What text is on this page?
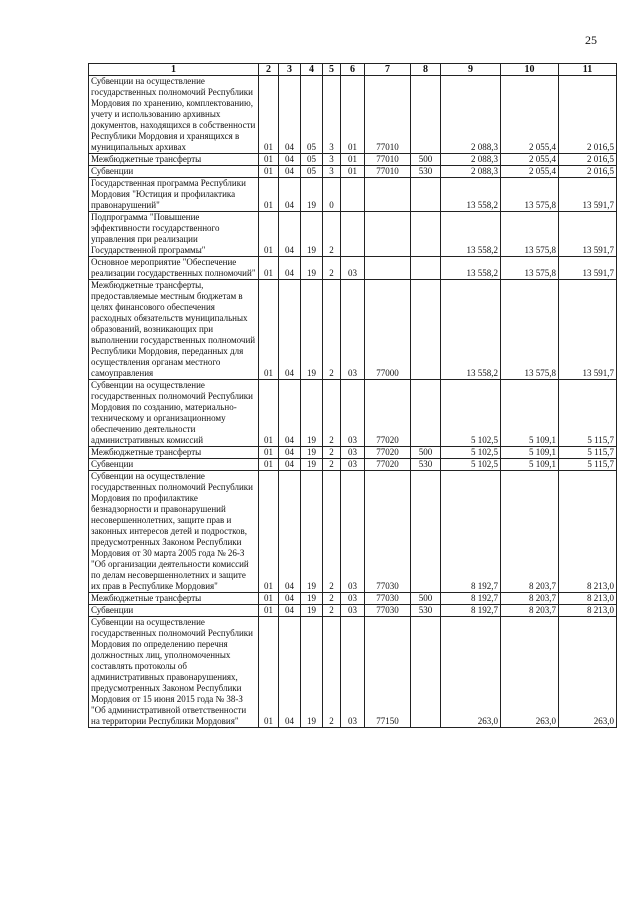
25
1	2	3	4	5	6	7	8	9	10	11
Субвенции на осуществление государственных полномочий Республики Мордовия по хранению, комплектованию, учету и использованию архивных документов, находящихся в собственности Республики Мордовия и хранящихся в муниципальных архивах	01	04	05	3	01	77010		2 088,3	2 055,4	2 016,5
Межбюджетные трансферты	01	04	05	3	01	77010	500	2 088,3	2 055,4	2 016,5
Субвенции	01	04	05	3	01	77010	530	2 088,3	2 055,4	2 016,5
Государственная программа Республики Мордовия "Юстиция и профилактика правонарушений"	01	04	19	0				13 558,2	13 575,8	13 591,7
Подпрограмма "Повышение эффективности государственного управления при реализации Государственной программы"	01	04	19	2				13 558,2	13 575,8	13 591,7
Основное мероприятие "Обеспечение реализации государственных полномочий"	01	04	19	2	03			13 558,2	13 575,8	13 591,7
Межбюджетные трансферты, предоставляемые местным бюджетам в целях финансового обеспечения расходных обязательств муниципальных образований, возникающих при выполнении государственных полномочий Республики Мордовия, переданных для осуществления органам местного самоуправления	01	04	19	2	03	77000		13 558,2	13 575,8	13 591,7
Субвенции на осуществление государственных полномочий Республики Мордовия по созданию, материально-техническому и организационному обеспечению деятельности административных комиссий	01	04	19	2	03	77020		5 102,5	5 109,1	5 115,7
Межбюджетные трансферты	01	04	19	2	03	77020	500	5 102,5	5 109,1	5 115,7
Субвенции	01	04	19	2	03	77020	530	5 102,5	5 109,1	5 115,7
Субвенции на осуществление государственных полномочий Республики Мордовия по профилактике безнадзорности и правонарушений несовершеннолетних, защите прав и законных интересов детей и подростков, предусмотренных Законом Республики Мордовия от 30 марта 2005 года № 26-З "Об организации деятельности комиссий по делам несовершеннолетних и защите их прав в Республике Мордовия"	01	04	19	2	03	77030		8 192,7	8 203,7	8 213,0
Межбюджетные трансферты	01	04	19	2	03	77030	500	8 192,7	8 203,7	8 213,0
Субвенции	01	04	19	2	03	77030	530	8 192,7	8 203,7	8 213,0
Субвенции на осуществление государственных полномочий Республики Мордовия по определению перечня должностных лиц, уполномоченных составлять протоколы об административных правонарушениях, предусмотренных Законом Республики Мордовия от 15 июня 2015 года № 38-З "Об административной ответственности на территории Республики Мордовия"	01	04	19	2	03	77150		263,0	263,0	263,0
